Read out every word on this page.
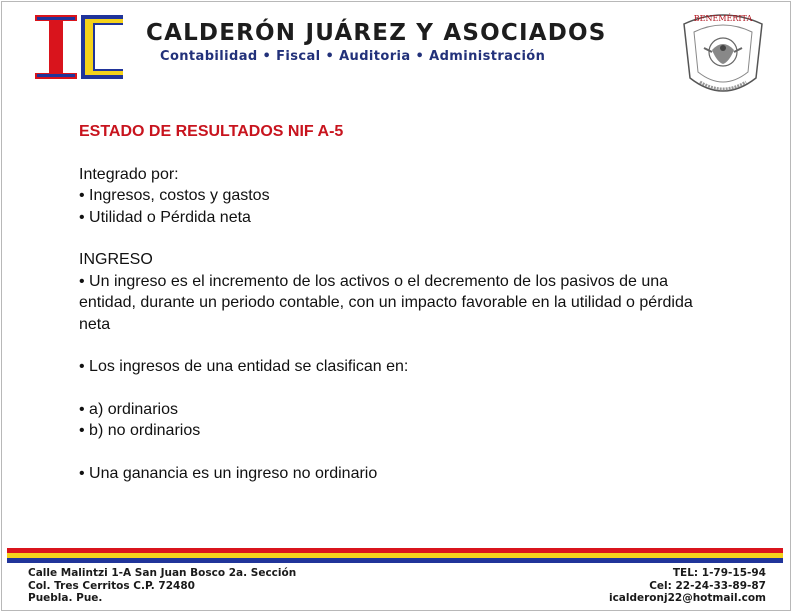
CALDERÓN JUÁREZ Y ASOCIADOS
Contabilidad • Fiscal • Auditoria • Administración
BENEMÉRITA
ESTADO DE RESULTADOS NIF A-5
Integrado por:
• Ingresos, costos y gastos
• Utilidad o Pérdida neta
INGRESO
• Un ingreso es el incremento de los activos o el decremento de los pasivos de una entidad, durante un periodo contable, con un impacto favorable en la utilidad o pérdida neta
• Los ingresos de una entidad se clasifican en:
• a) ordinarios
• b) no ordinarios
• Una ganancia es un ingreso no ordinario
Calle Malintzi 1-A San Juan Bosco 2a. Sección
Col. Tres Cerritos C.P. 72480
Puebla. Pue.
TEL: 1-79-15-94
Cel: 22-24-33-89-87
icalderonj22@hotmail.com
